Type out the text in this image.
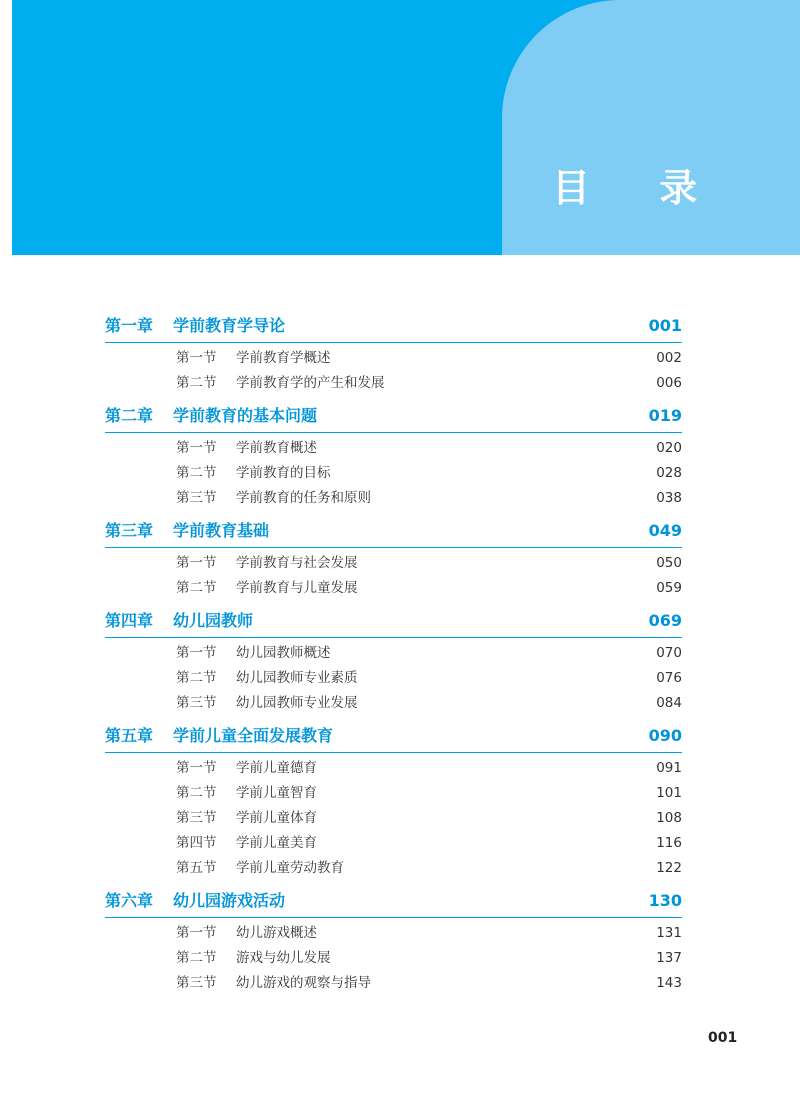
目 录
第一章 学前教育学导论	001
第一节 学前教育学概述	002
第二节 学前教育学的产生和发展	006
第二章 学前教育的基本问题	019
第一节 学前教育概述	020
第二节 学前教育的目标	028
第三节 学前教育的任务和原则	038
第三章 学前教育基础	049
第一节 学前教育与社会发展	050
第二节 学前教育与儿童发展	059
第四章 幼儿园教师	069
第一节 幼儿园教师概述	070
第二节 幼儿园教师专业素质	076
第三节 幼儿园教师专业发展	084
第五章 学前儿童全面发展教育	090
第一节 学前儿童德育	091
第二节 学前儿童智育	101
第三节 学前儿童体育	108
第四节 学前儿童美育	116
第五节 学前儿童劳动教育	122
第六章 幼儿园游戏活动	130
第一节 幼儿游戏概述	131
第二节 游戏与幼儿发展	137
第三节 幼儿游戏的观察与指导	143
001
